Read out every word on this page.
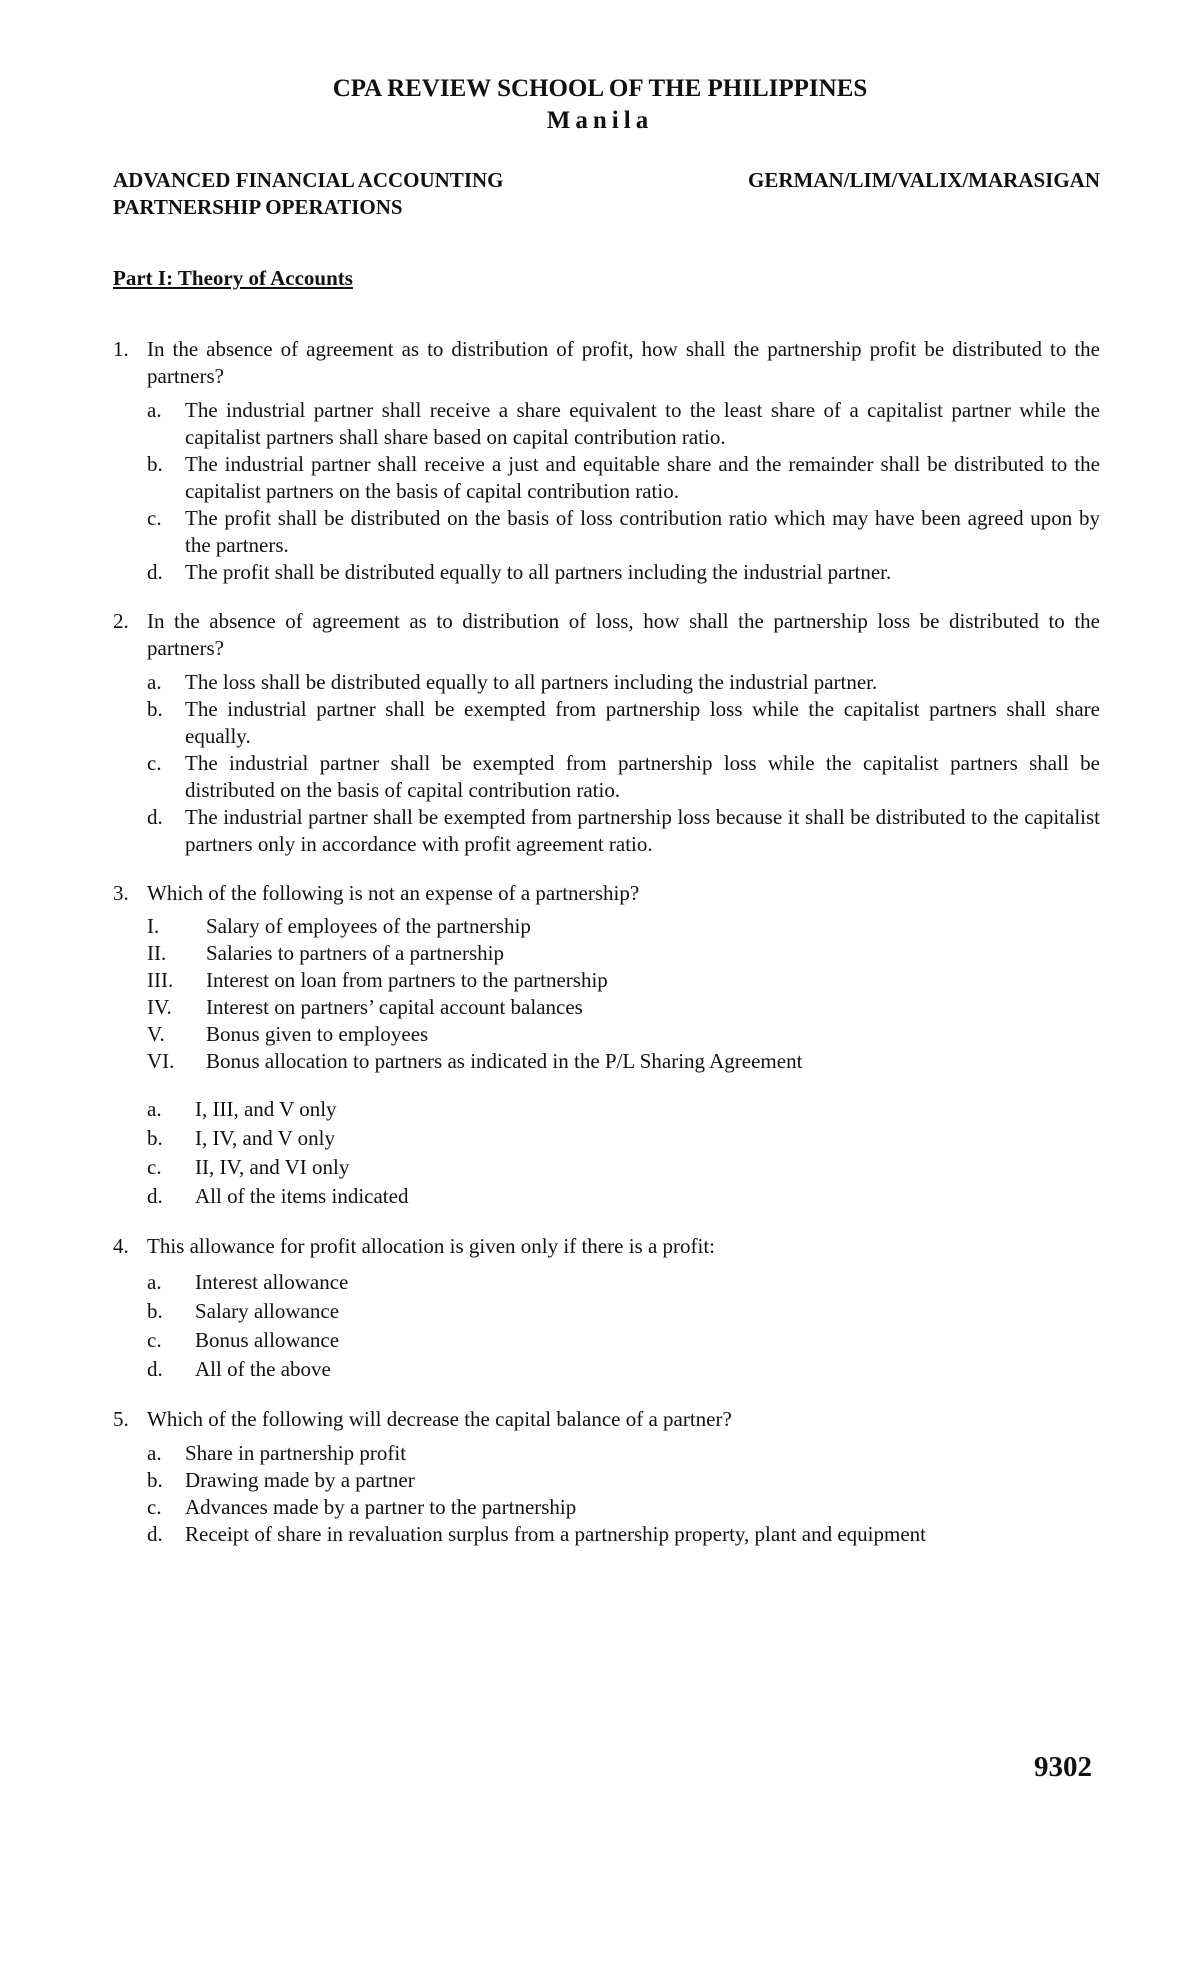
CPA REVIEW SCHOOL OF THE PHILIPPINES
Manila
ADVANCED FINANCIAL ACCOUNTING
PARTNERSHIP OPERATIONS
GERMAN/LIM/VALIX/MARASIGAN
Part I: Theory of Accounts
1. In the absence of agreement as to distribution of profit, how shall the partnership profit be distributed to the partners?
a. The industrial partner shall receive a share equivalent to the least share of a capitalist partner while the capitalist partners shall share based on capital contribution ratio.
b. The industrial partner shall receive a just and equitable share and the remainder shall be distributed to the capitalist partners on the basis of capital contribution ratio.
c. The profit shall be distributed on the basis of loss contribution ratio which may have been agreed upon by the partners.
d. The profit shall be distributed equally to all partners including the industrial partner.
2. In the absence of agreement as to distribution of loss, how shall the partnership loss be distributed to the partners?
a. The loss shall be distributed equally to all partners including the industrial partner.
b. The industrial partner shall be exempted from partnership loss while the capitalist partners shall share equally.
c. The industrial partner shall be exempted from partnership loss while the capitalist partners shall be distributed on the basis of capital contribution ratio.
d. The industrial partner shall be exempted from partnership loss because it shall be distributed to the capitalist partners only in accordance with profit agreement ratio.
3. Which of the following is not an expense of a partnership?
I. Salary of employees of the partnership
II. Salaries to partners of a partnership
III. Interest on loan from partners to the partnership
IV. Interest on partners’ capital account balances
V. Bonus given to employees
VI. Bonus allocation to partners as indicated in the P/L Sharing Agreement
a. I, III, and V only
b. I, IV, and V only
c. II, IV, and VI only
d. All of the items indicated
4. This allowance for profit allocation is given only if there is a profit:
a. Interest allowance
b. Salary allowance
c. Bonus allowance
d. All of the above
5. Which of the following will decrease the capital balance of a partner?
a. Share in partnership profit
b. Drawing made by a partner
c. Advances made by a partner to the partnership
d. Receipt of share in revaluation surplus from a partnership property, plant and equipment
9302
